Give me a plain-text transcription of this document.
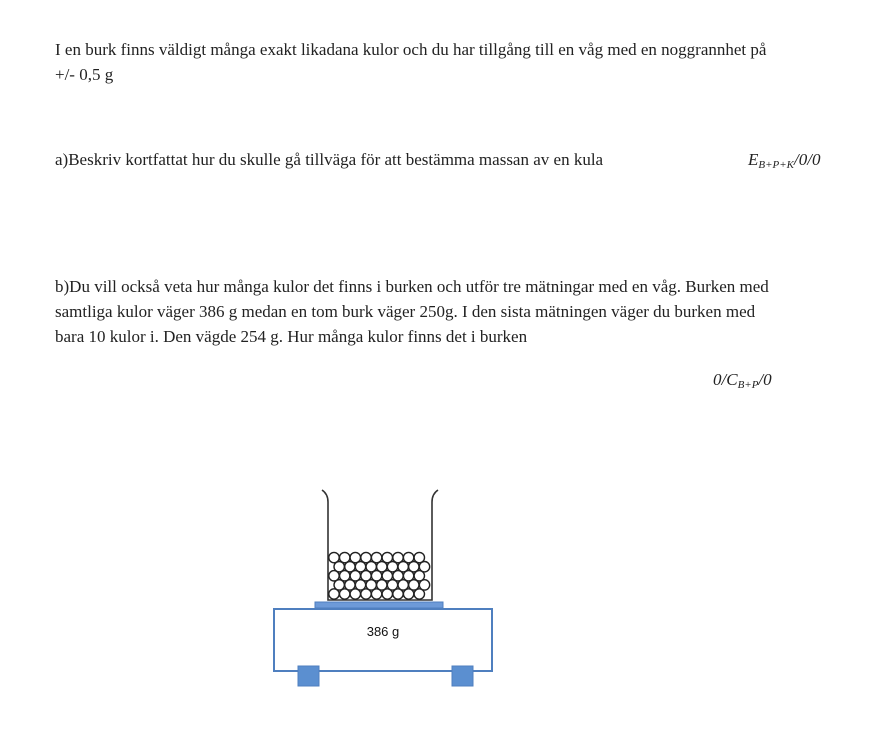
I en burk finns väldigt många exakt likadana kulor och du har tillgång till en våg med en noggrannhet på
+/- 0,5 g

a)Beskriv kortfattat hur du skulle gå tillväga för att bestämma massan av en kula	$E_{B+P+K}/0/0$

b)Du vill också veta hur många kulor det finns i burken och utför tre mätningar med en våg. Burken med
samtliga kulor väger 386 g medan en tom burk väger 250g. I den sista mätningen väger du burken med
bara 10 kulor i. Den vägde 254 g. Hur många kulor finns det i burken

$0/C_{B+P}/0$
386 g
